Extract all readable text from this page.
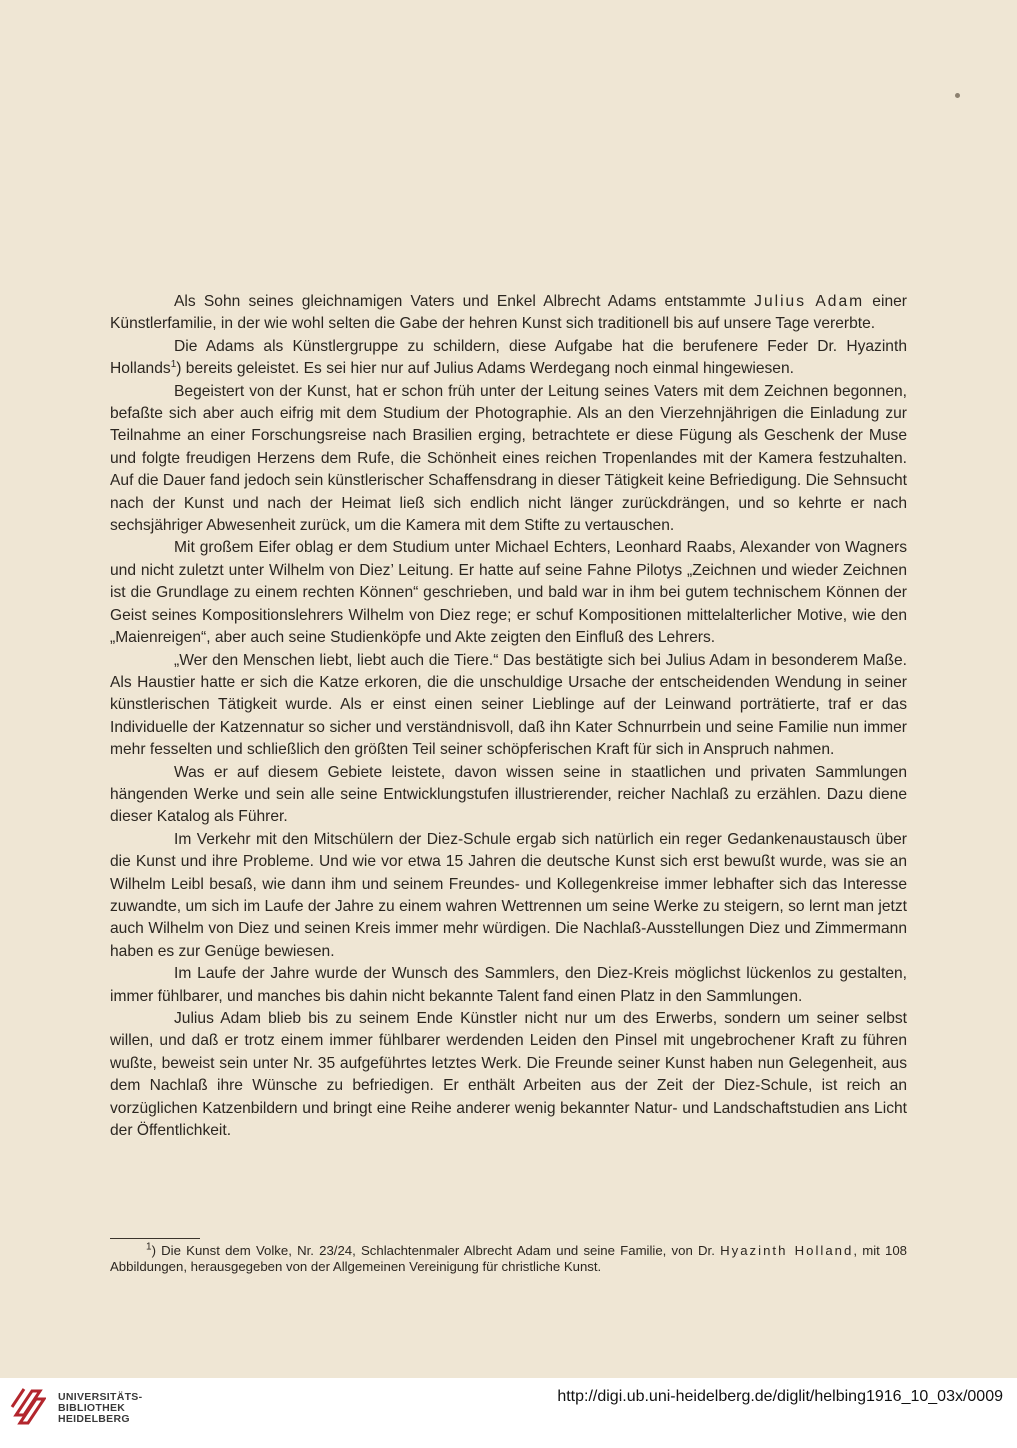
Als Sohn seines gleichnamigen Vaters und Enkel Albrecht Adams entstammte Julius Adam einer Künstlerfamilie, in der wie wohl selten die Gabe der hehren Kunst sich traditionell bis auf unsere Tage vererbte.

Die Adams als Künstlergruppe zu schildern, diese Aufgabe hat die berufenere Feder Dr. Hyazinth Hollands$^1$) bereits geleistet. Es sei hier nur auf Julius Adams Werdegang noch einmal hingewiesen.

Begeistert von der Kunst, hat er schon früh unter der Leitung seines Vaters mit dem Zeichnen begonnen, befaßte sich aber auch eifrig mit dem Studium der Photographie. Als an den Vierzehnjährigen die Einladung zur Teilnahme an einer Forschungsreise nach Brasilien erging, betrachtete er diese Fügung als Geschenk der Muse und folgte freudigen Herzens dem Rufe, die Schönheit eines reichen Tropenlandes mit der Kamera festzuhalten. Auf die Dauer fand jedoch sein künstlerischer Schaffensdrang in dieser Tätigkeit keine Befriedigung. Die Sehnsucht nach der Kunst und nach der Heimat ließ sich endlich nicht länger zurückdrängen, und so kehrte er nach sechsjähriger Abwesenheit zurück, um die Kamera mit dem Stifte zu vertauschen.

Mit großem Eifer oblag er dem Studium unter Michael Echters, Leonhard Raabs, Alexander von Wagners und nicht zuletzt unter Wilhelm von Diez’ Leitung. Er hatte auf seine Fahne Pilotys „Zeichnen und wieder Zeichnen ist die Grundlage zu einem rechten Können“ geschrieben, und bald war in ihm bei gutem technischem Können der Geist seines Kompositionslehrers Wilhelm von Diez rege; er schuf Kompositionen mittelalterlicher Motive, wie den „Maienreigen“, aber auch seine Studienköpfe und Akte zeigten den Einfluß des Lehrers.

„Wer den Menschen liebt, liebt auch die Tiere.“ Das bestätigte sich bei Julius Adam in besonderem Maße. Als Haustier hatte er sich die Katze erkoren, die die unschuldige Ursache der entscheidenden Wendung in seiner künstlerischen Tätigkeit wurde. Als er einst einen seiner Lieblinge auf der Leinwand porträtierte, traf er das Individuelle der Katzennatur so sicher und verständnisvoll, daß ihn Kater Schnurrbein und seine Familie nun immer mehr fesselten und schließlich den größten Teil seiner schöpferischen Kraft für sich in Anspruch nahmen.

Was er auf diesem Gebiete leistete, davon wissen seine in staatlichen und privaten Sammlungen hängenden Werke und sein alle seine Entwicklungstufen illustrierender, reicher Nachlaß zu erzählen. Dazu diene dieser Katalog als Führer.

Im Verkehr mit den Mitschülern der Diez-Schule ergab sich natürlich ein reger Gedankenaustausch über die Kunst und ihre Probleme. Und wie vor etwa 15 Jahren die deutsche Kunst sich erst bewußt wurde, was sie an Wilhelm Leibl besaß, wie dann ihm und seinem Freundes- und Kollegenkreise immer lebhafter sich das Interesse zuwandte, um sich im Laufe der Jahre zu einem wahren Wettrennen um seine Werke zu steigern, so lernt man jetzt auch Wilhelm von Diez und seinen Kreis immer mehr würdigen. Die Nachlaß-Ausstellungen Diez und Zimmermann haben es zur Genüge bewiesen.

Im Laufe der Jahre wurde der Wunsch des Sammlers, den Diez-Kreis möglichst lückenlos zu gestalten, immer fühlbarer, und manches bis dahin nicht bekannte Talent fand einen Platz in den Sammlungen.

Julius Adam blieb bis zu seinem Ende Künstler nicht nur um des Erwerbs, sondern um seiner selbst willen, und daß er trotz einem immer fühlbarer werdenden Leiden den Pinsel mit ungebrochener Kraft zu führen wußte, beweist sein unter Nr. 35 aufgeführtes letztes Werk. Die Freunde seiner Kunst haben nun Gelegenheit, aus dem Nachlaß ihre Wünsche zu befriedigen. Er enthält Arbeiten aus der Zeit der Diez-Schule, ist reich an vorzüglichen Katzenbildern und bringt eine Reihe anderer wenig bekannter Natur- und Landschaftstudien ans Licht der Öffentlichkeit.

$^1$) Die Kunst dem Volke, Nr. 23/24, Schlachtenmaler Albrecht Adam und seine Familie, von Dr. Hyazinth Holland, mit 108 Abbildungen, herausgegeben von der Allgemeinen Vereinigung für christliche Kunst.

UNIVERSITÄTS-
BIBLIOTHEK
HEIDELBERG
http://digi.ub.uni-heidelberg.de/diglit/helbing1916_10_03x/0009
